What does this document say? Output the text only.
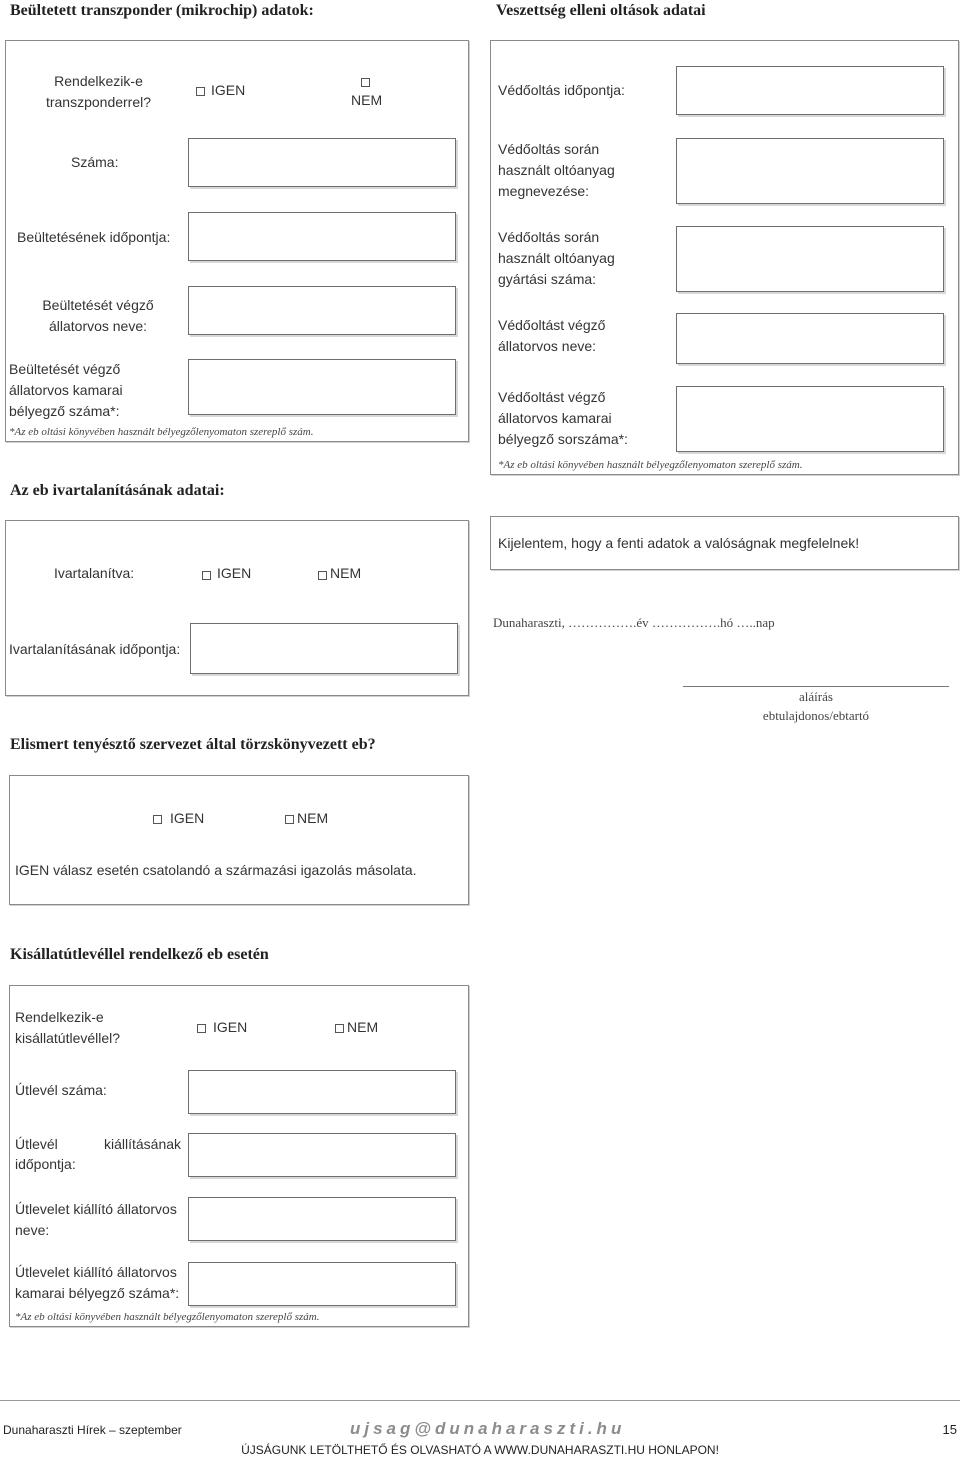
Beültetett transzponder (mikrochip) adatok:
Rendelkezik-e transzponderrel?
IGEN
NEM
Száma:
Beültetésének időpontja:
Beültetését végző állatorvos neve:
Beültetését végző állatorvos kamarai bélyegző száma*:
*Az eb oltási könyvében használt bélyegzőlenyomaton szereplő szám.
Veszettség elleni oltások adatai
Védőoltás időpontja:
Védőoltás során használt oltóanyag megnevezése:
Védőoltás során használt oltóanyag gyártási száma:
Védőoltást végző állatorvos neve:
Védőoltást végző állatorvos kamarai bélyegző sorszáma*:
*Az eb oltási könyvében használt bélyegzőlenyomaton szereplő szám.
Az eb ivartalanításának adatai:
Ivartalanítva:	IGEN	NEM
Ivartalanításának időpontja:
Kijelentem, hogy a fenti adatok a valóságnak megfelelnek!
Dunaharaszti, …………….év …………….hó …..nap
aláírás
ebtulajdonos/ebtartó
Elismert tenyésztő szervezet által törzskönyvezett eb?
IGEN	NEM
IGEN válasz esetén csatolandó a származási igazolás másolata.
Kisállatútlevéllel rendelkező eb esetén
Rendelkezik-e kisállatútlevéllel?
IGEN	NEM
Útlevél száma:
Útlevél	kiállításának
időpontja:
Útlevelet kiállító állatorvos neve:
Útlevelet kiállító állatorvos kamarai bélyegző száma*:
*Az eb oltási könyvében használt bélyegzőlenyomaton szereplő szám.
Dunaharaszti Hírek – szeptember	ujsag@dunaharaszti.hu	15
ÚJSÁGUNK LETÖLTHETŐ ÉS OLVASHATÓ A WWW.DUNAHARASZTI.HU HONLAPON!
